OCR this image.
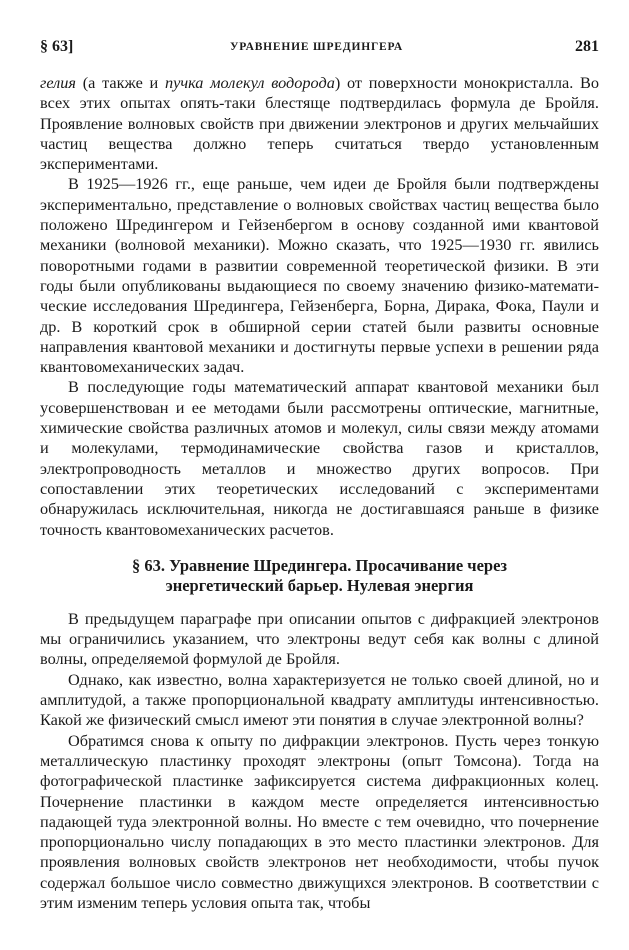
§ 63]	УРАВНЕНИЕ ШРЕДИНГЕРА	281

гелия (а также и пучка молекул водорода) от поверхности монокристалла. Во всех этих опытах опять-таки блестяще подтвердилась формула де Бройля. Проявление волновых свойств при движении электронов и других мельчайших частиц вещества должно теперь считаться твердо установленным экспериментами.

В 1925—1926 гг., еще раньше, чем идеи де Бройля были подтверждены экспериментально, представление о волновых свойствах частиц вещества было положено Шредингером и Гейзенбергом в основу созданной ими квантовой механики (волновой механики). Можно сказать, что 1925—1930 гг. явились поворотными годами в развитии современной теоретической физики. В эти годы были опубликованы выдающиеся по своему значению физико-математические исследования Шредингера, Гейзенберга, Борна, Дирака, Фока, Паули и др. В короткий срок в обширной серии статей были развиты основные направления квантовой механики и достигнуты первые успехи в решении ряда квантовомеханических задач.

В последующие годы математический аппарат квантовой механики был усовершенствован и ее методами были рассмотрены оптические, магнитные, химические свойства различных атомов и молекул, силы связи между атомами и молекулами, термодинамические свойства газов и кристаллов, электропроводность металлов и множество других вопросов. При сопоставлении этих теоретических исследований с экспериментами обнаружилась исключительная, никогда не достигавшаяся раньше в физике точность квантовомеханических расчетов.

§ 63. Уравнение Шредингера. Просачивание через
энергетический барьер. Нулевая энергия

В предыдущем параграфе при описании опытов с дифракцией электронов мы ограничились указанием, что электроны ведут себя как волны с длиной волны, определяемой формулой де Бройля.

Однако, как известно, волна характеризуется не только своей длиной, но и амплитудой, а также пропорциональной квадрату амплитуды интенсивностью. Какой же физический смысл имеют эти понятия в случае электронной волны?

Обратимся снова к опыту по дифракции электронов. Пусть через тонкую металлическую пластинку проходят электроны (опыт Томсона). Тогда на фотографической пластинке зафиксируется система дифракционных колец. Почернение пластинки в каждом месте определяется интенсивностью падающей туда электронной волны. Но вместе с тем очевидно, что почернение пропорционально числу попадающих в это место пластинки электронов. Для проявления волновых свойств электронов нет необходимости, чтобы пучок содержал большое число совместно движущихся электронов. В соответствии с этим изменим теперь условия опыта так, чтобы
